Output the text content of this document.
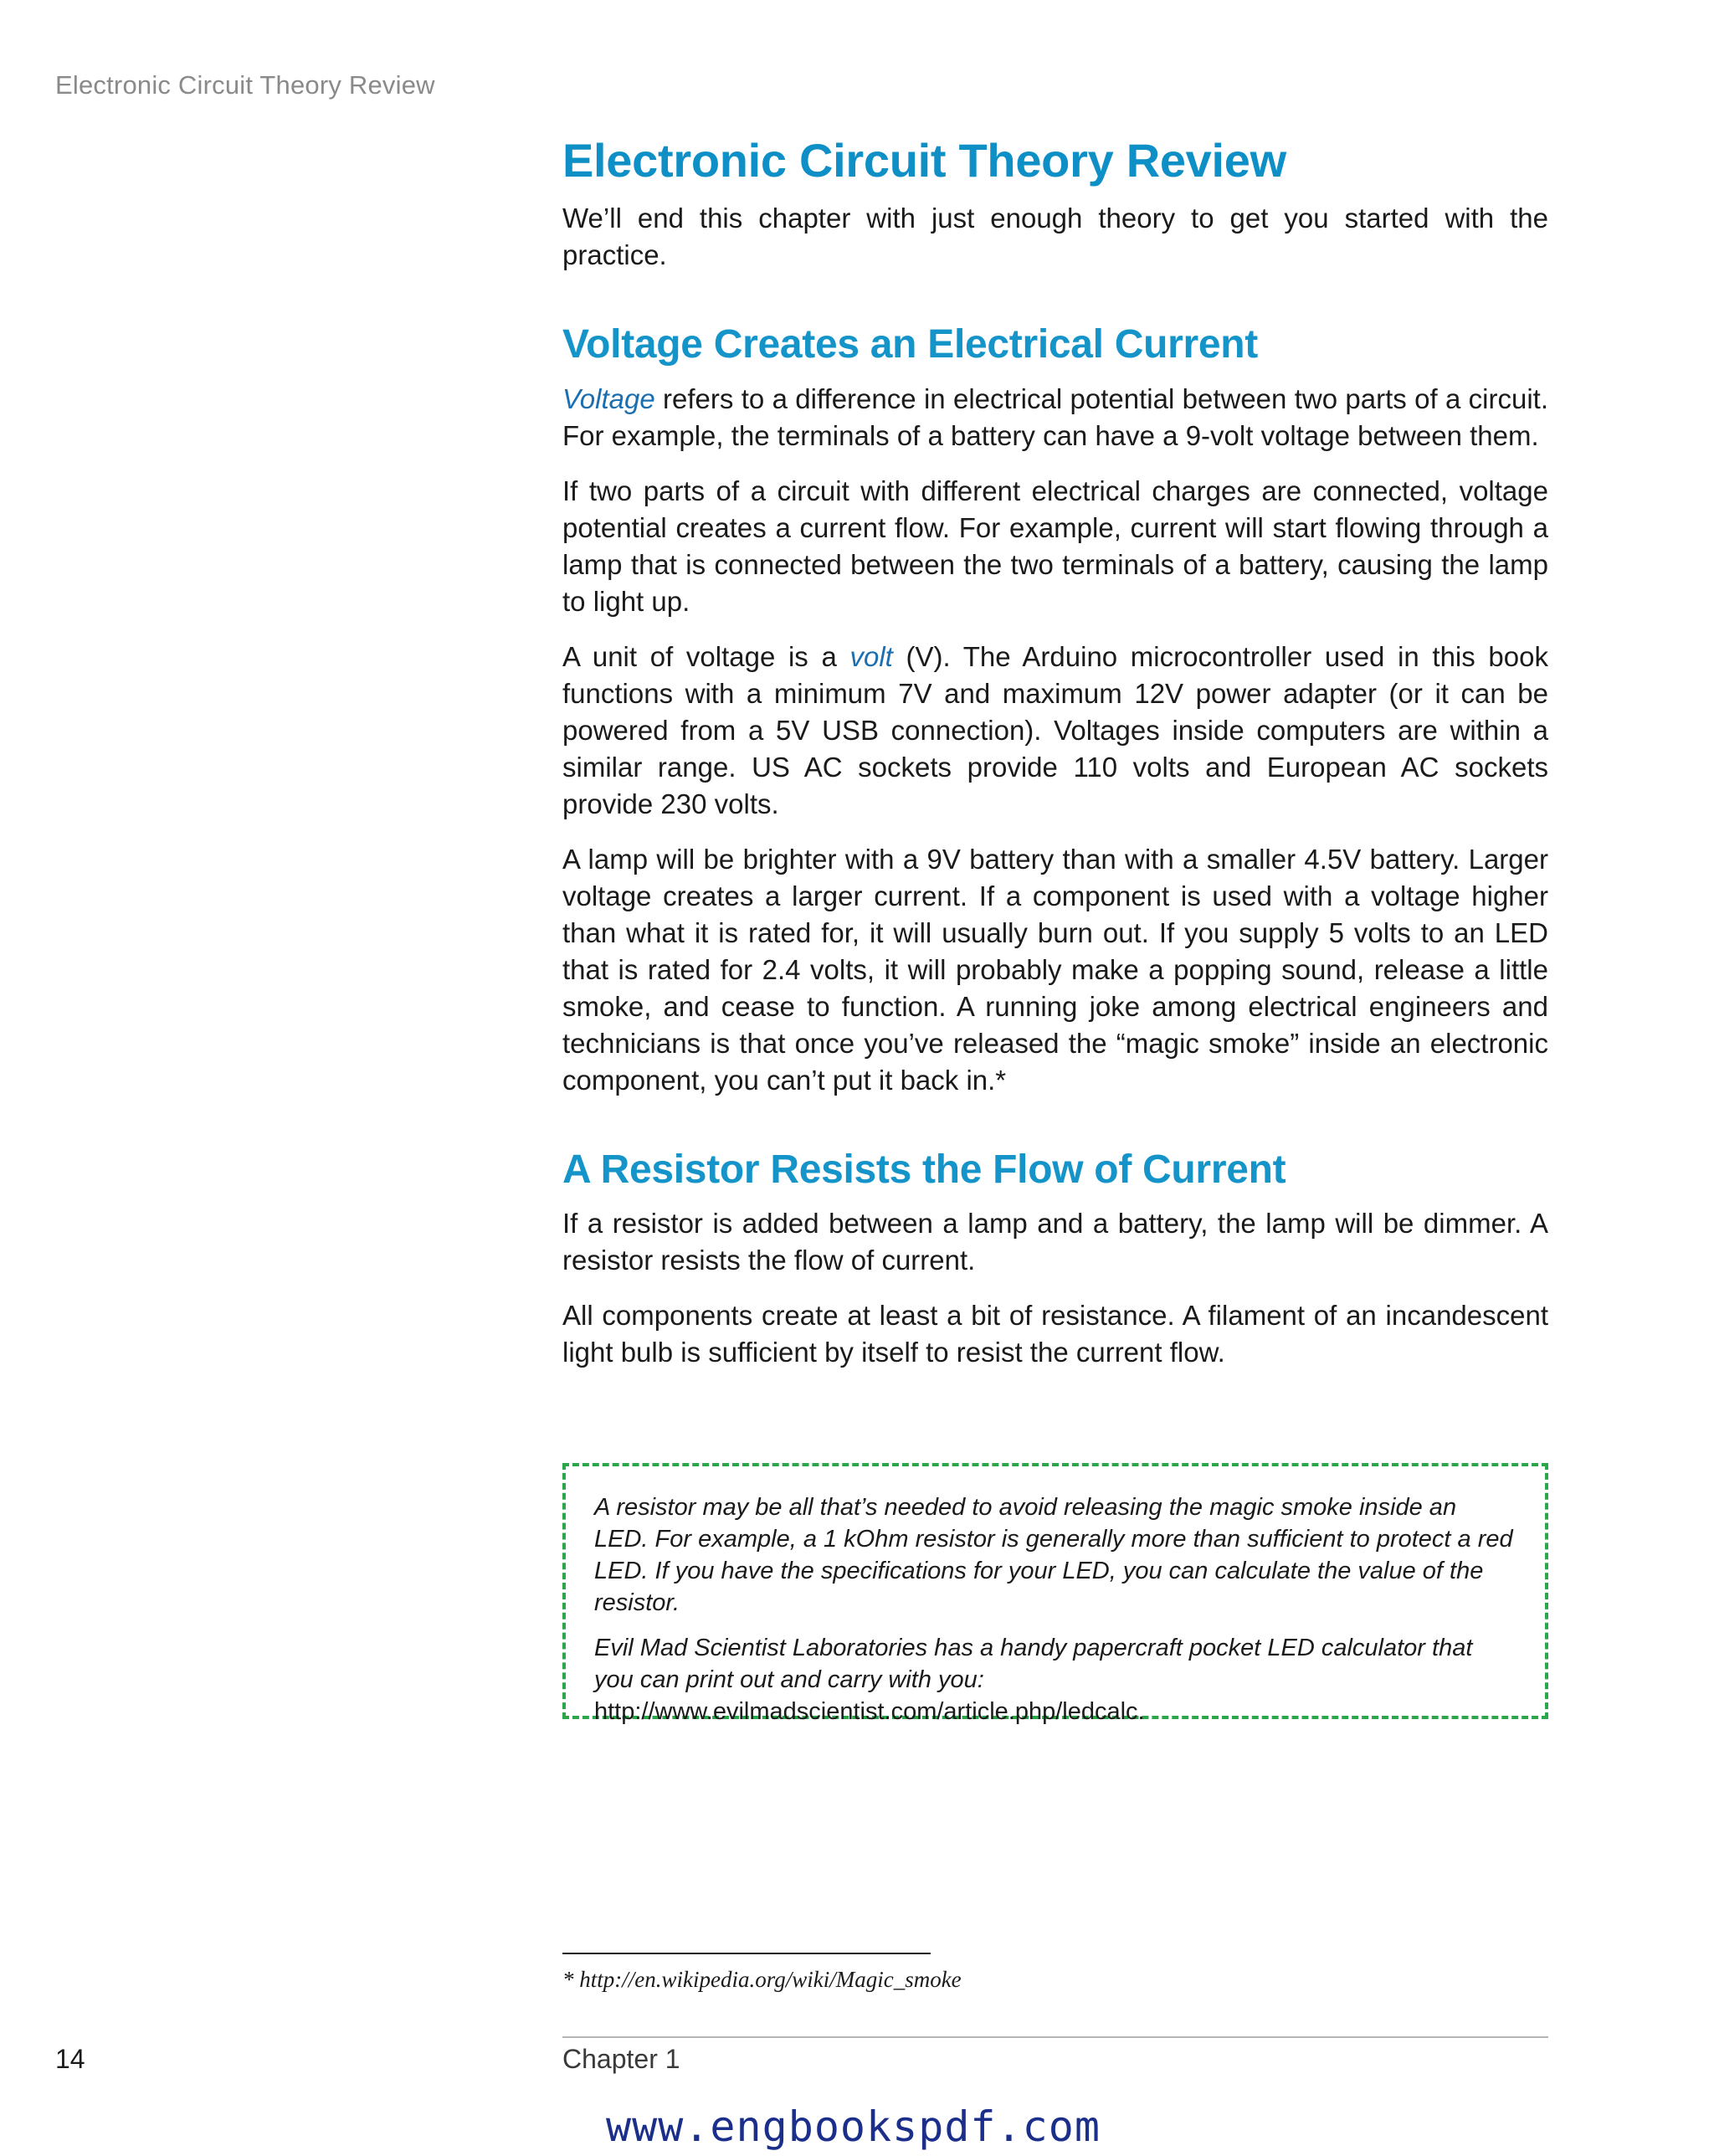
Electronic Circuit Theory Review
Electronic Circuit Theory Review

We’ll end this chapter with just enough theory to get you started with the practice.

Voltage Creates an Electrical Current

Voltage refers to a difference in electrical potential between two parts of a circuit. For example, the terminals of a battery can have a 9-volt voltage between them.

If two parts of a circuit with different electrical charges are connected, voltage potential creates a current flow. For example, current will start flowing through a lamp that is connected between the two terminals of a battery, causing the lamp to light up.

A unit of voltage is a volt (V). The Arduino microcontroller used in this book functions with a minimum 7V and maximum 12V power adapter (or it can be powered from a 5V USB connection). Voltages inside computers are within a similar range. US AC sockets provide 110 volts and European AC sockets provide 230 volts.

A lamp will be brighter with a 9V battery than with a smaller 4.5V battery. Larger voltage creates a larger current. If a component is used with a voltage higher than what it is rated for, it will usually burn out. If you supply 5 volts to an LED that is rated for 2.4 volts, it will probably make a popping sound, release a little smoke, and cease to function. A running joke among electrical engineers and technicians is that once you’ve released the “magic smoke” inside an electronic component, you can’t put it back in.*

A Resistor Resists the Flow of Current

If a resistor is added between a lamp and a battery, the lamp will be dimmer. A resistor resists the flow of current.

All components create at least a bit of resistance. A filament of an incandescent light bulb is sufficient by itself to resist the current flow.

A resistor may be all that’s needed to avoid releasing the magic smoke inside an LED. For example, a 1 kOhm resistor is generally more than sufficient to protect a red LED. If you have the specifications for your LED, you can calculate the value of the resistor.

Evil Mad Scientist Laboratories has a handy papercraft pocket LED calculator that you can print out and carry with you: http://www.evilmadscientist.com/article.php/ledcalc.

* http://en.wikipedia.org/wiki/Magic_smoke
14	Chapter 1
www.engbookspdf.com
